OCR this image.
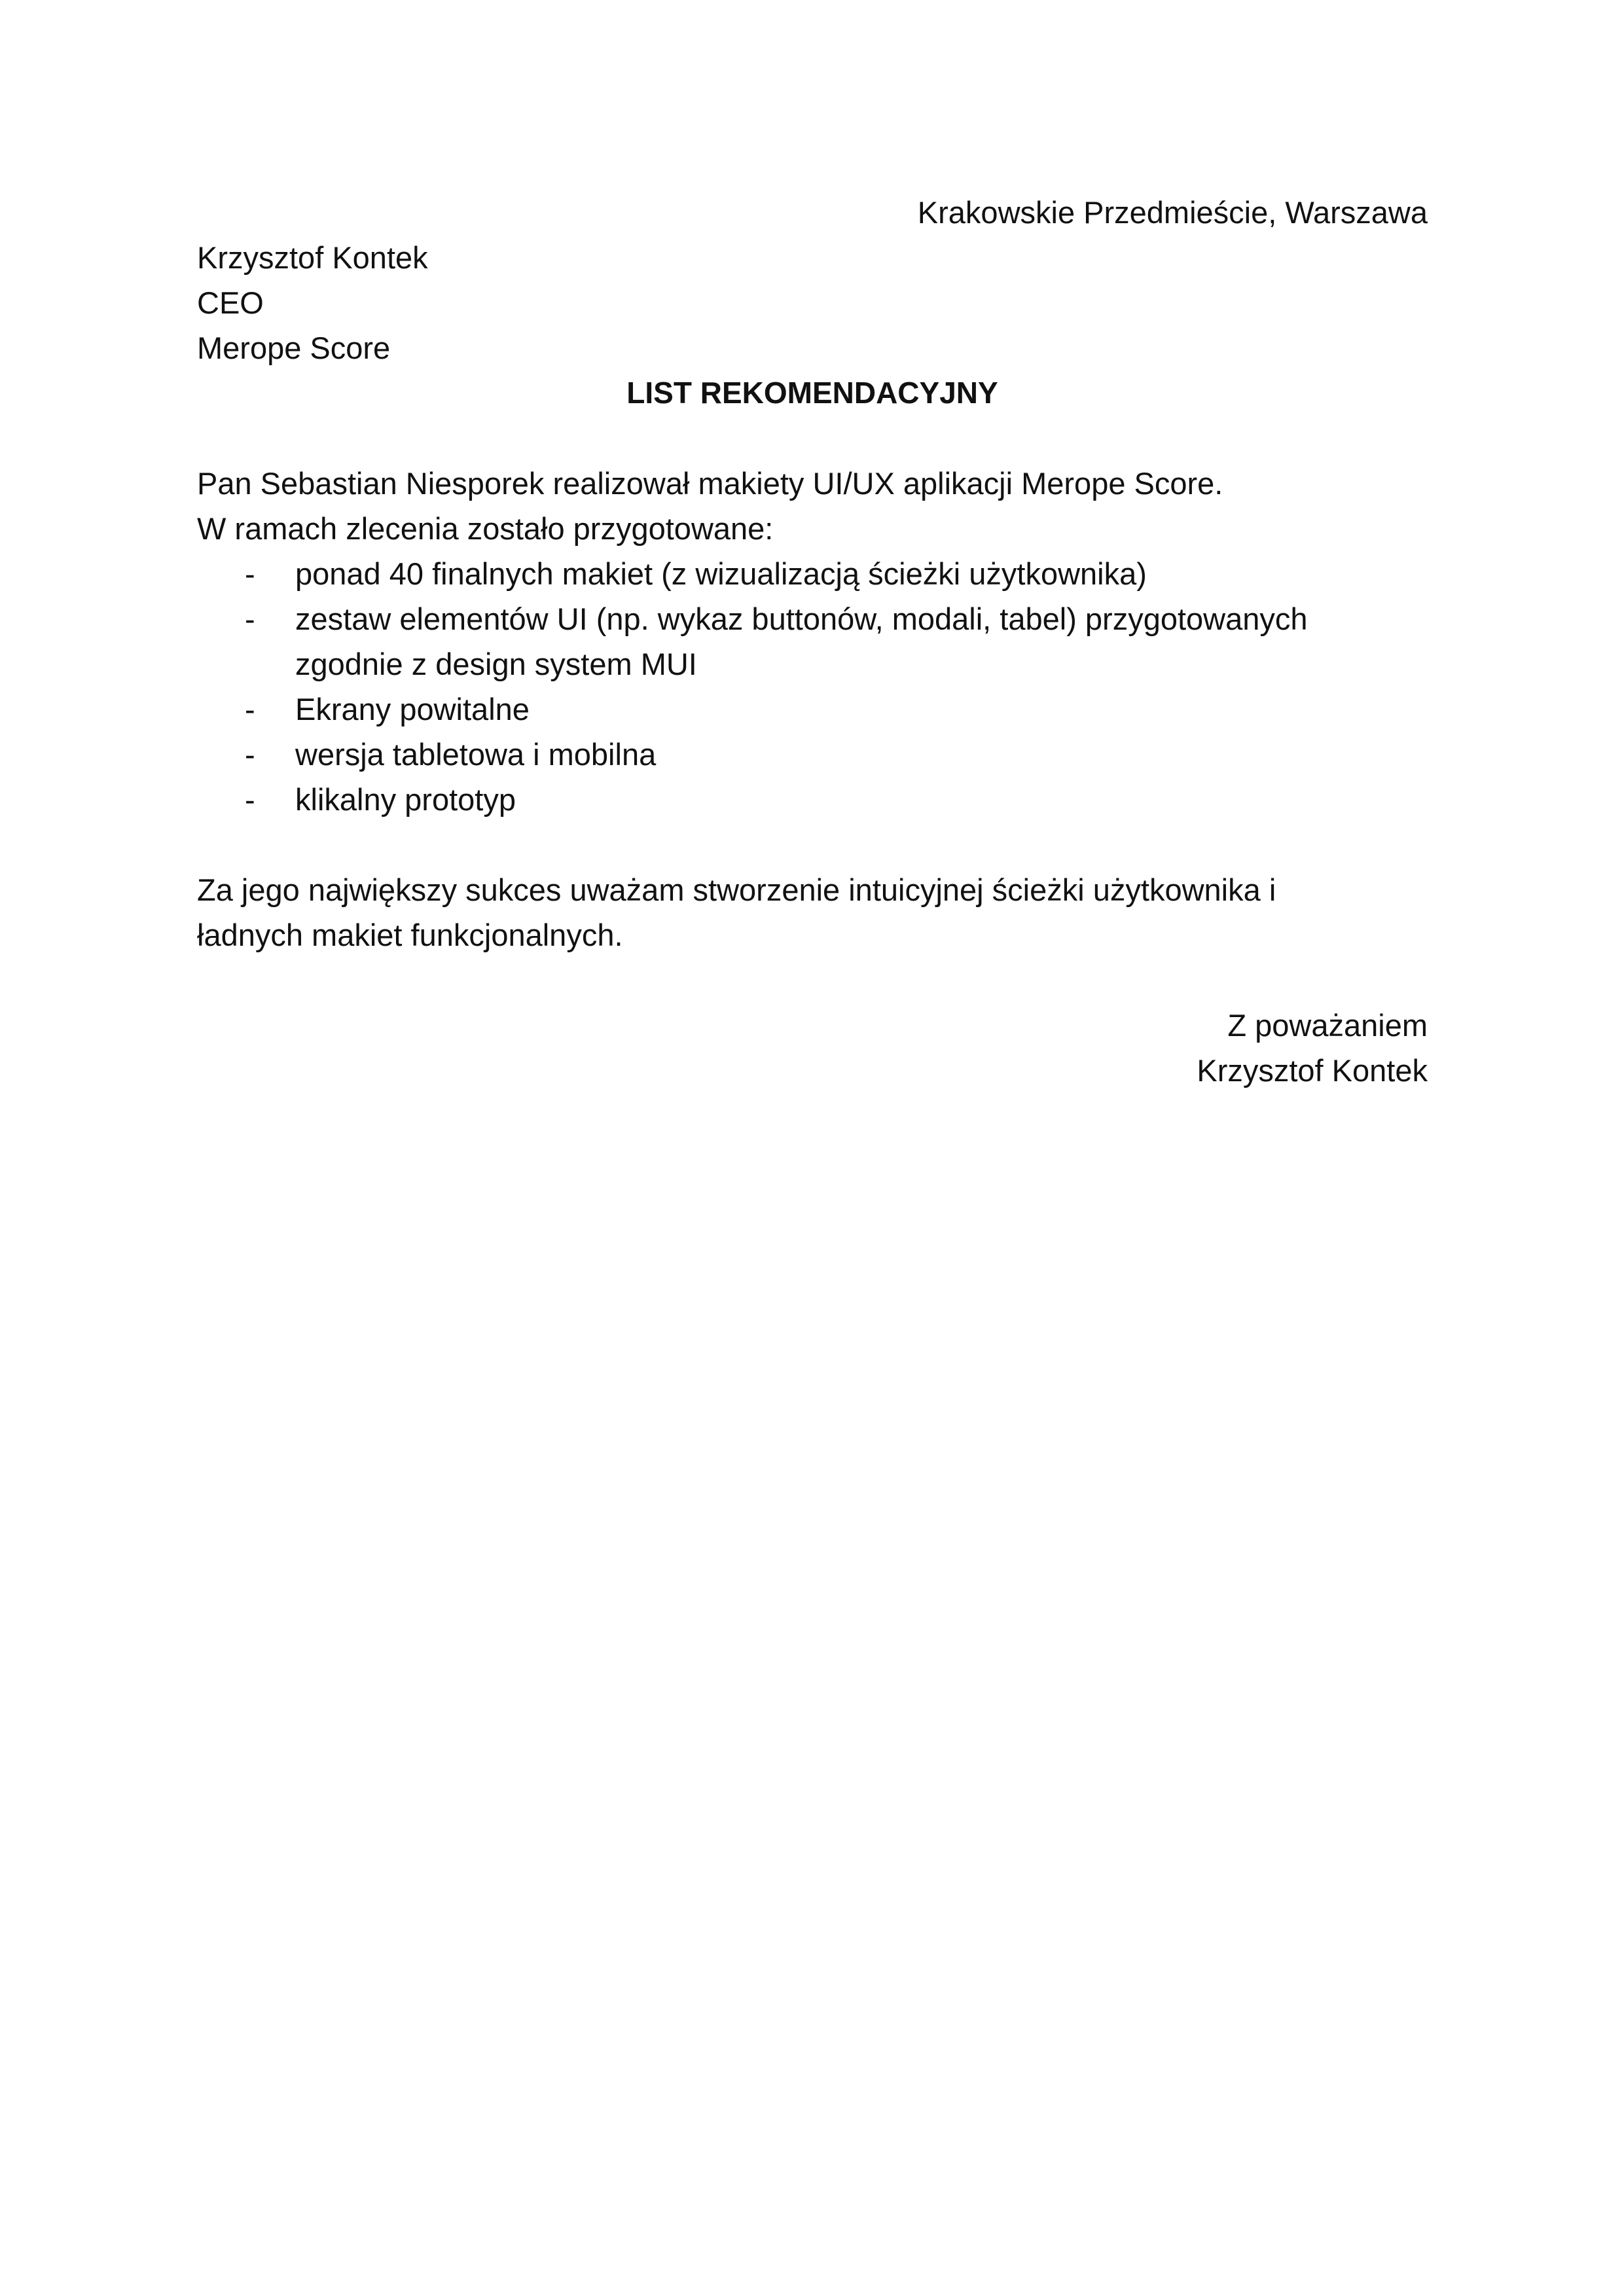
Krakowskie Przedmieście, Warszawa
Krzysztof Kontek
CEO
Merope Score
LIST REKOMENDACYJNY
Pan Sebastian Niesporek realizował makiety UI/UX aplikacji Merope Score.
W ramach zlecenia zostało przygotowane:
- ponad 40 finalnych makiet (z wizualizacją ścieżki użytkownika)
- zestaw elementów UI (np. wykaz buttonów, modali, tabel) przygotowanych zgodnie z design system MUI
- Ekrany powitalne
- wersja tabletowa i mobilna
- klikalny prototyp
Za jego największy sukces uważam stworzenie intuicyjnej ścieżki użytkownika i
ładnych makiet funkcjonalnych.
Z poważaniem
Krzysztof Kontek
